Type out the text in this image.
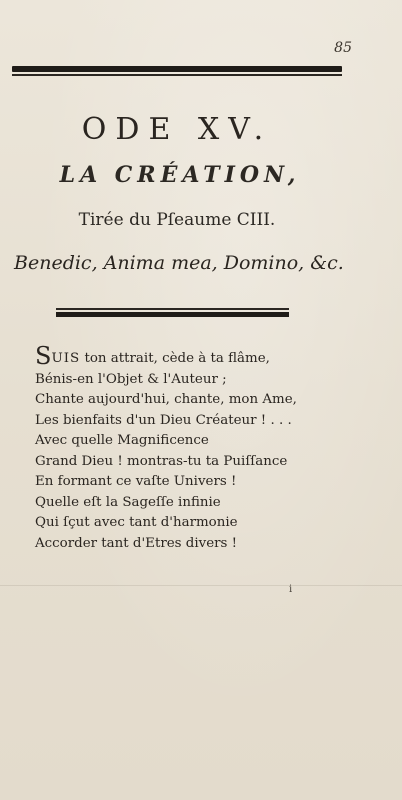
85
ODE XV.
LA CRÉATION,
Tirée du Pſeaume CIII.
Benedic, Anima mea, Domino, &c.
SUIS ton attrait, cède à ta flâme,
Bénis-en l'Objet & l'Auteur ;
Chante aujourd'hui, chante, mon Ame,
Les bienfaits d'un Dieu Créateur ! . . .
Avec quelle Magnificence
Grand Dieu ! montras-tu ta Puiſſance
En formant ce vaſte Univers !
Quelle eſt la Sageſſe infinie
Qui ſçut avec tant d'harmonie
Accorder tant d'Etres divers !
i
